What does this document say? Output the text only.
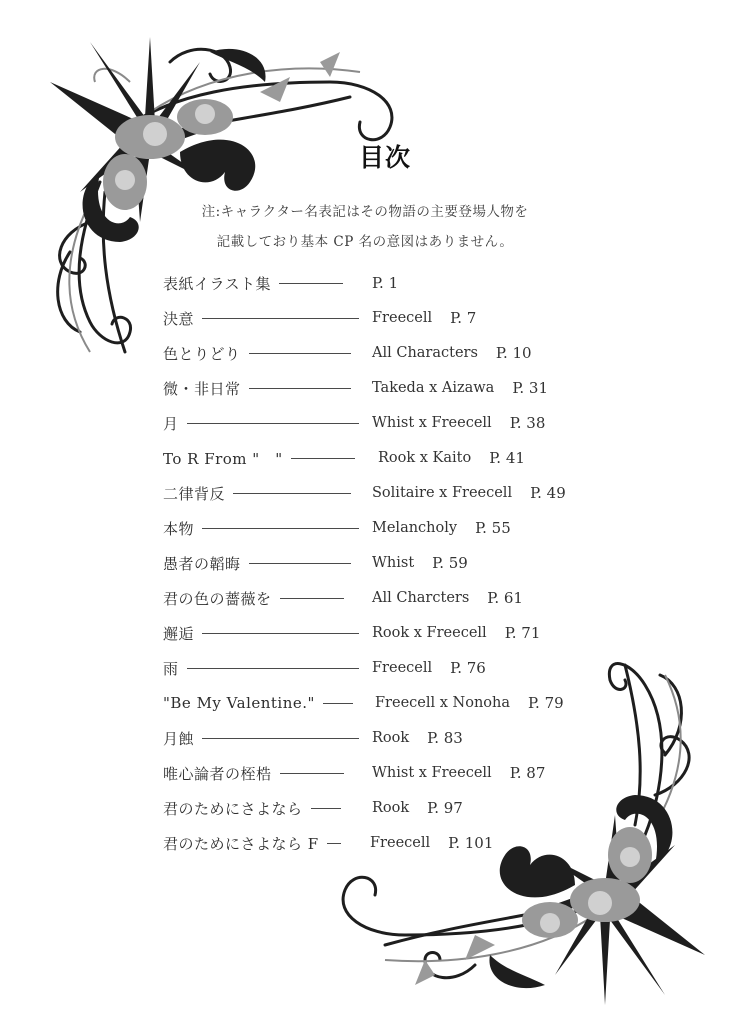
目次
注:キャラクター名表記はその物語の主要登場人物を
記載しており基本 CP 名の意図はありません。
表紙イラスト集	P. 1
決意	Freecell P. 7
色とりどり	All Characters P. 10
微・非日常	Takeda x Aizawa P. 31
月	Whist x Freecell P. 38
To R From "　"	Rook x Kaito P. 41
二律背反	Solitaire x Freecell P. 49
本物	Melancholy P. 55
愚者の韜晦	Whist P. 59
君の色の薔薇を	All Charcters P. 61
邂逅	Rook x Freecell P. 71
雨	Freecell P. 76
"Be My Valentine."	Freecell x Nonoha P. 79
月蝕	Rook P. 83
唯心論者の桎梏	Whist x Freecell P. 87
君のためにさよなら	Rook P. 97
君のためにさよなら F	Freecell P. 101
